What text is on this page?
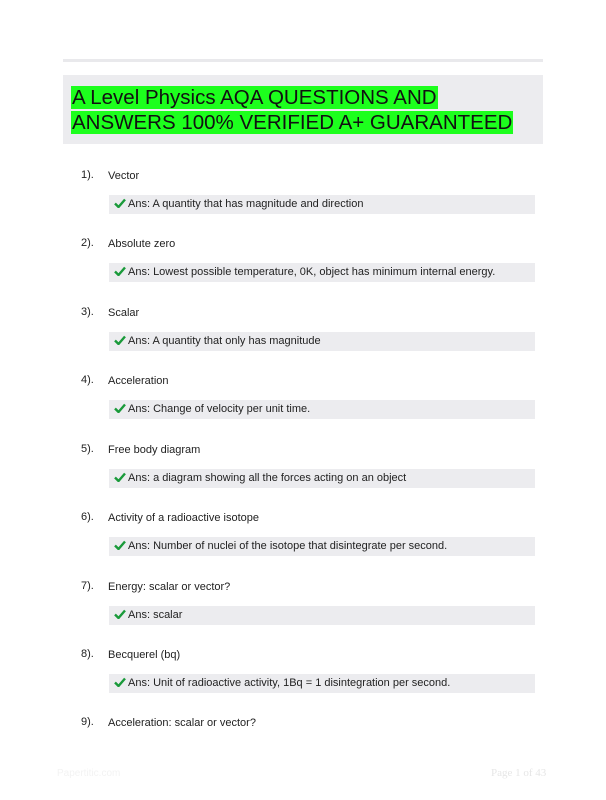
A Level Physics AQA QUESTIONS AND
ANSWERS 100% VERIFIED A+ GUARANTEED
1). Vector
Ans: A quantity that has magnitude and direction
2). Absolute zero
Ans: Lowest possible temperature, 0K, object has minimum internal energy.
3). Scalar
Ans: A quantity that only has magnitude
4). Acceleration
Ans: Change of velocity per unit time.
5). Free body diagram
Ans: a diagram showing all the forces acting on an object
6). Activity of a radioactive isotope
Ans: Number of nuclei of the isotope that disintegrate per second.
7). Energy: scalar or vector?
Ans: scalar
8). Becquerel (bq)
Ans: Unit of radioactive activity, 1Bq = 1 disintegration per second.
9). Acceleration: scalar or vector?
Papertitic.com	Page 1 of 43
